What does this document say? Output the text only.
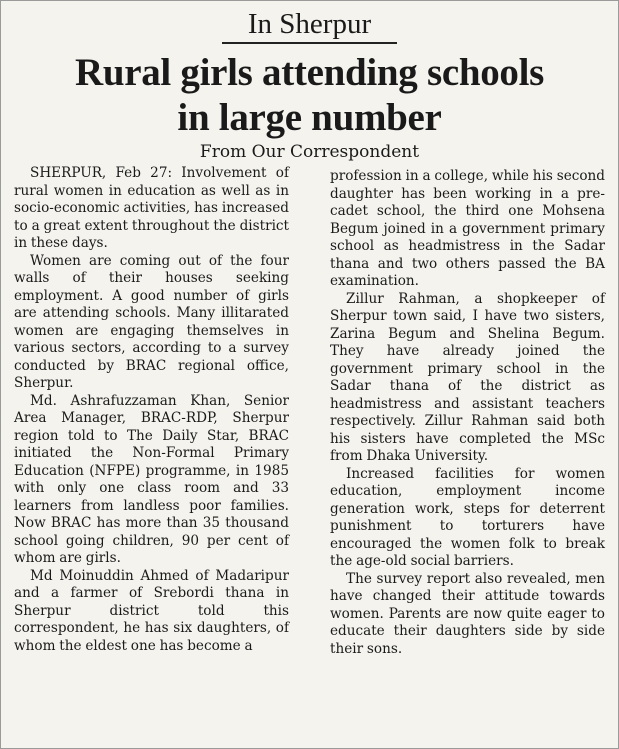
In Sherpur
Rural girls attending schools
in large number
From Our Correspondent

SHERPUR, Feb 27: Involvement of rural women in education as well as in socio-economic activities, has increased to a great extent throughout the district in these days.

Women are coming out of the four walls of their houses seeking employment. A good number of girls are attending schools. Many illitarated women are engaging themselves in various sectors, according to a survey conducted by BRAC regional office, Sherpur.

Md. Ashrafuzzaman Khan, Senior Area Manager, BRAC-RDP, Sherpur region told to The Daily Star, BRAC initiated the Non-Formal Primary Education (NFPE) programme, in 1985 with only one class room and 33 learners from landless poor families. Now BRAC has more than 35 thousand school going children, 90 per cent of whom are girls.

Md Moinuddin Ahmed of Madaripur and a farmer of Srebordi thana in Sherpur district told this correspondent, he has six daughters, of whom the eldest one has become a

profession in a college, while his second daughter has been working in a pre-cadet school, the third one Mohsena Begum joined in a government primary school as headmistress in the Sadar thana and two others passed the BA examination.

Zillur Rahman, a shopkeeper of Sherpur town said, I have two sisters, Zarina Begum and Shelina Begum. They have already joined the government primary school in the Sadar thana of the district as headmistress and assistant teachers respectively. Zillur Rahman said both his sisters have completed the MSc from Dhaka University.

Increased facilities for women education, employment income generation work, steps for deterrent punishment to torturers have encouraged the women folk to break the age-old social barriers.

The survey report also revealed, men have changed their attitude towards women. Parents are now quite eager to educate their daughters side by side their sons.
